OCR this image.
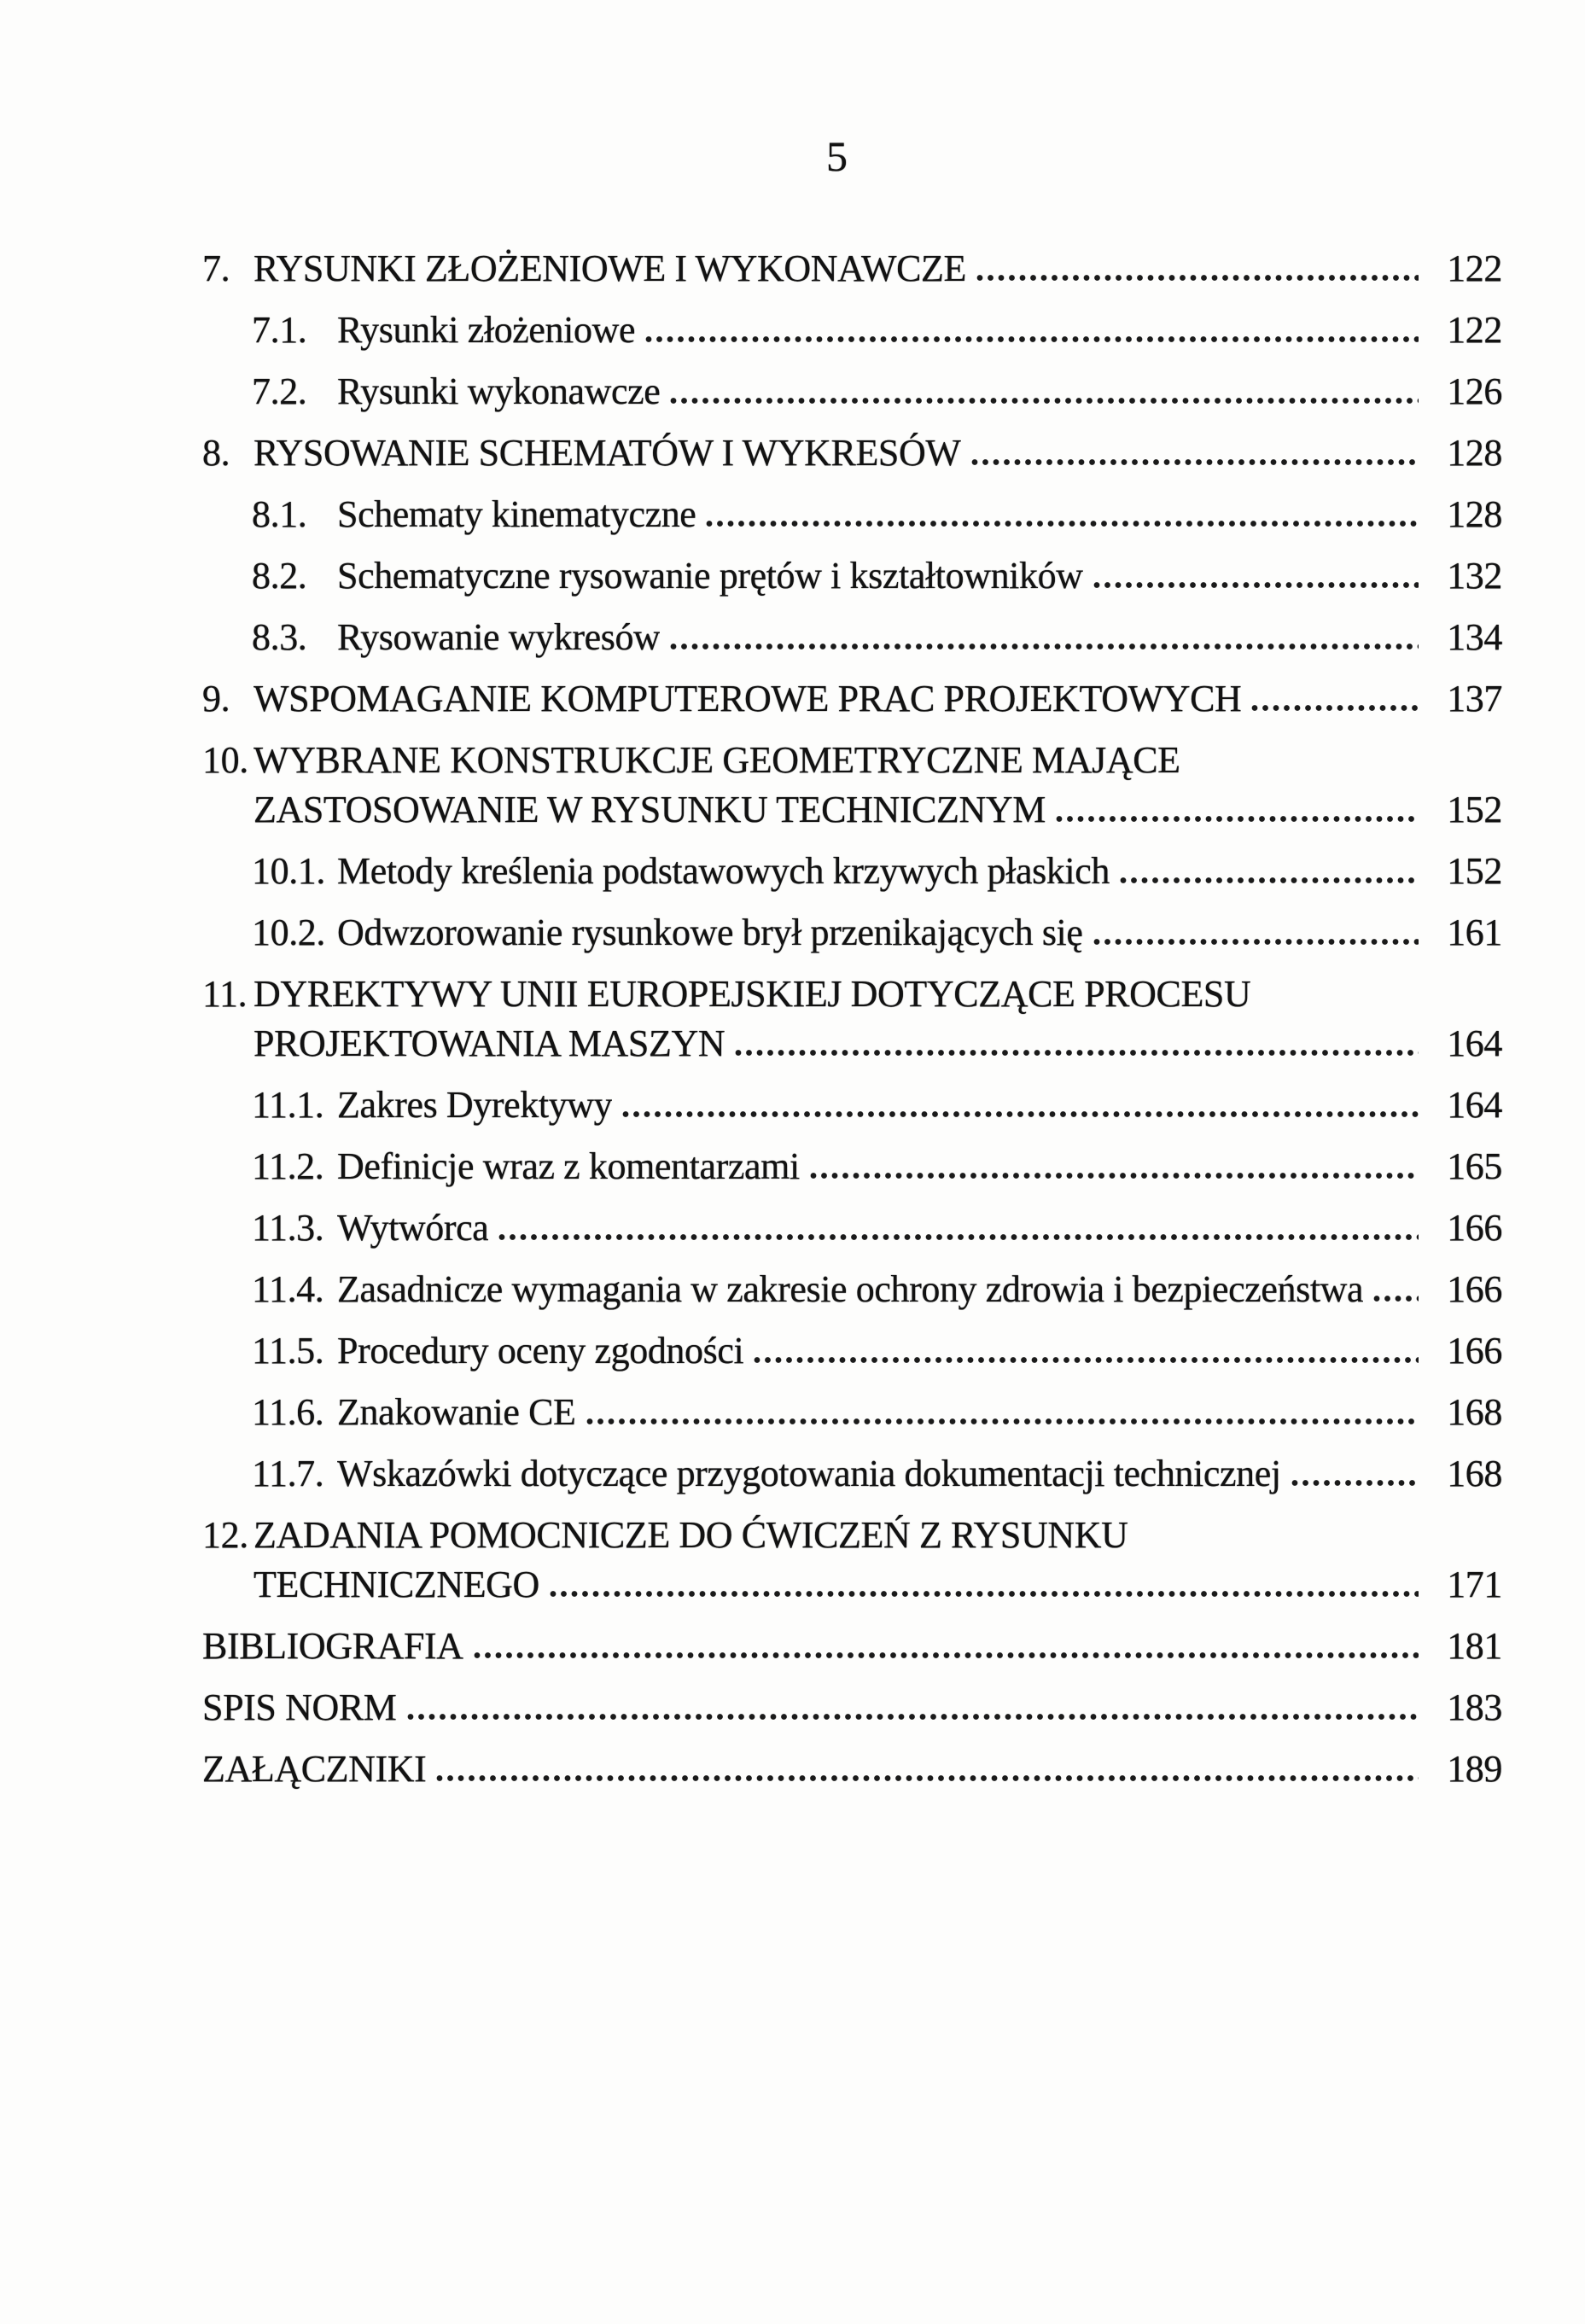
5
7. RYSUNKI ZŁOŻENIOWE I WYKONAWCZE	122
7.1. Rysunki złożeniowe	122
7.2. Rysunki wykonawcze	126
8. RYSOWANIE SCHEMATÓW I WYKRESÓW	128
8.1. Schematy kinematyczne	128
8.2. Schematyczne rysowanie prętów i kształtowników	132
8.3. Rysowanie wykresów	134
9. WSPOMAGANIE KOMPUTEROWE PRAC PROJEKTOWYCH	137
10. WYBRANE KONSTRUKCJE GEOMETRYCZNE MAJĄCE
ZASTOSOWANIE W RYSUNKU TECHNICZNYM	152
10.1. Metody kreślenia podstawowych krzywych płaskich	152
10.2. Odwzorowanie rysunkowe brył przenikających się	161
11. DYREKTYWY UNII EUROPEJSKIEJ DOTYCZĄCE PROCESU
PROJEKTOWANIA MASZYN	164
11.1. Zakres Dyrektywy	164
11.2. Definicje wraz z komentarzami	165
11.3. Wytwórca	166
11.4. Zasadnicze wymagania w zakresie ochrony zdrowia i bezpieczeństwa	166
11.5. Procedury oceny zgodności	166
11.6. Znakowanie CE	168
11.7. Wskazówki dotyczące przygotowania dokumentacji technicznej	168
12. ZADANIA POMOCNICZE DO ĆWICZEŃ Z RYSUNKU
TECHNICZNEGO	171
BIBLIOGRAFIA	181
SPIS NORM	183
ZAŁĄCZNIKI	189
